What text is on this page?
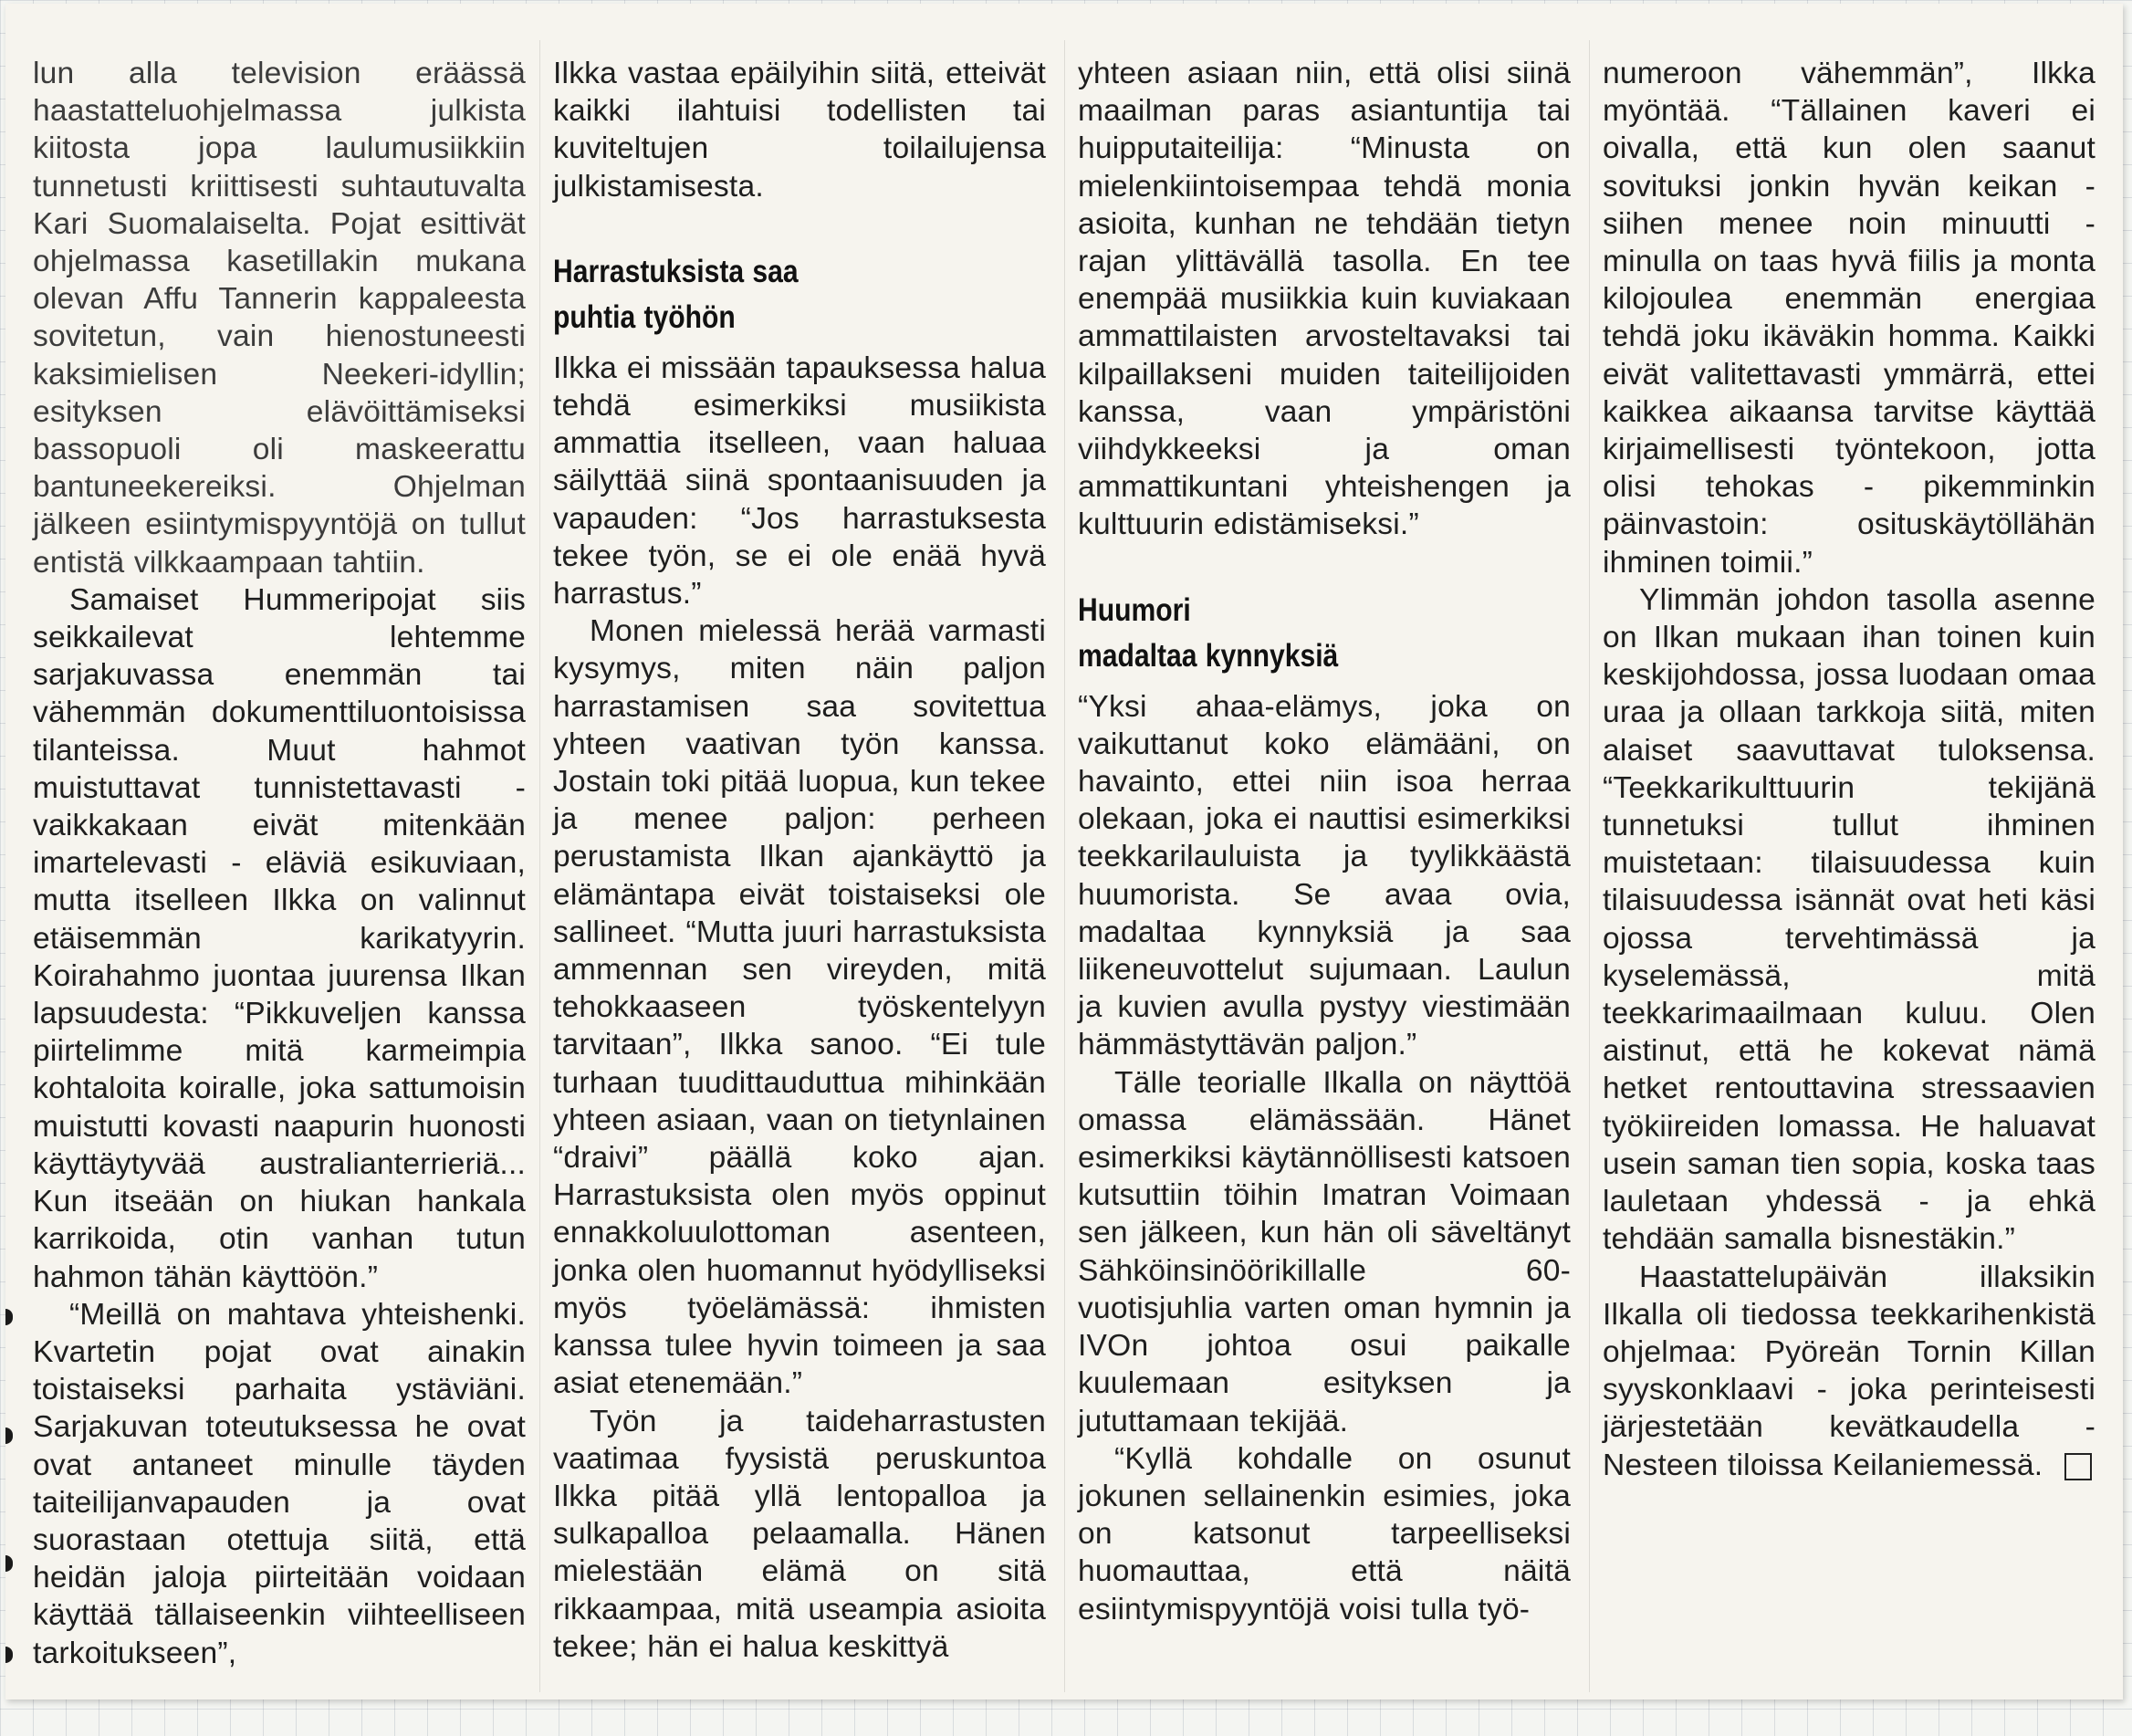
lun alla television eräässä haastatteluohjelmassa julkista kiitosta jopa laulumusiikkiin tunnetusti kriittisesti suhtautuvalta Kari Suomalaiselta. Pojat esittivät ohjelmassa kasetillakin mukana olevan Affu Tannerin kappaleesta sovitetun, vain hienostuneesti kaksimielisen Neekeri-idyllin; esityksen elävöittämiseksi bassopuoli oli maskeerattu bantuneekereiksi. Ohjelman jälkeen esiintymispyyntöjä on tullut entistä vilkkaampaan tahtiin.

Samaiset Hummeripojat siis seikkailevat lehtemme sarjakuvassa enemmän tai vähemmän dokumenttiluontoisissa tilanteissa. Muut hahmot muistuttavat tunnistettavasti - vaikkakaan eivät mitenkään imartelevasti - eläviä esikuviaan, mutta itselleen Ilkka on valinnut etäisemmän karikatyyrin. Koirahahmo juontaa juurensa Ilkan lapsuudesta: “Pikkuveljen kanssa piirtelimme mitä karmeimpia kohtaloita koiralle, joka sattumoisin muistutti kovasti naapurin huonosti käyttäytyvää australianterrieriä... Kun itseään on hiukan hankala karrikoida, otin vanhan tutun hahmon tähän käyttöön.”

“Meillä on mahtava yhteishenki. Kvartetin pojat ovat ainakin toistaiseksi parhaita ystäviäni. Sarjakuvan toteutuksessa he ovat ovat antaneet minulle täyden taiteilijanvapauden ja ovat suorastaan otettuja siitä, että heidän jaloja piirteitään voidaan käyttää tällaiseenkin viihteelliseen tarkoitukseen”,

Ilkka vastaa epäilyihin siitä, etteivät kaikki ilahtuisi todellisten tai kuviteltujen toilailujensa julkistamisesta.

Harrastuksista saa
puhtia työhön

Ilkka ei missään tapauksessa halua tehdä esimerkiksi musiikista ammattia itselleen, vaan haluaa säilyttää siinä spontaanisuuden ja vapauden: “Jos harrastuksesta tekee työn, se ei ole enää hyvä harrastus.”

Monen mielessä herää varmasti kysymys, miten näin paljon harrastamisen saa sovitettua yhteen vaativan työn kanssa. Jostain toki pitää luopua, kun tekee ja menee paljon: perheen perustamista Ilkan ajankäyttö ja elämäntapa eivät toistaiseksi ole sallineet. “Mutta juuri harrastuksista ammennan sen vireyden, mitä tehokkaaseen työskentelyyn tarvitaan”, Ilkka sanoo. “Ei tule turhaan tuudittauduttua mihinkään yhteen asiaan, vaan on tietynlainen “draivi” päällä koko ajan. Harrastuksista olen myös oppinut ennakkoluulottoman asenteen, jonka olen huomannut hyödylliseksi myös työelämässä: ihmisten kanssa tulee hyvin toimeen ja saa asiat etenemään.”

Työn ja taideharrastusten vaatimaa fyysistä peruskuntoa Ilkka pitää yllä lentopalloa ja sulkapalloa pelaamalla. Hänen mielestään elämä on sitä rikkaampaa, mitä useampia asioita tekee; hän ei halua keskittyä

yhteen asiaan niin, että olisi siinä maailman paras asiantuntija tai huipputaiteilija: “Minusta on mielenkiintoisempaa tehdä monia asioita, kunhan ne tehdään tietyn rajan ylittävällä tasolla. En tee enempää musiikkia kuin kuviakaan ammattilaisten arvosteltavaksi tai kilpaillakseni muiden taiteilijoiden kanssa, vaan ympäristöni viihdykkeeksi ja oman ammattikuntani yhteishengen ja kulttuurin edistämiseksi.”

Huumori
madaltaa kynnyksiä

“Yksi ahaa-elämys, joka on vaikuttanut koko elämääni, on havainto, ettei niin isoa herraa olekaan, joka ei nauttisi esimerkiksi teekkarilauluista ja tyylikkäästä huumorista. Se avaa ovia, madaltaa kynnyksiä ja saa liikeneuvottelut sujumaan. Laulun ja kuvien avulla pystyy viestimään hämmästyttävän paljon.”

Tälle teorialle Ilkalla on näyttöä omassa elämässään. Hänet esimerkiksi käytännöllisesti katsoen kutsuttiin töihin Imatran Voimaan sen jälkeen, kun hän oli säveltänyt Sähköinsinöörikillalle 60-vuotisjuhlia varten oman hymnin ja IVOn johtoa osui paikalle kuulemaan esityksen ja jututtamaan tekijää.

“Kyllä kohdalle on osunut jokunen sellainenkin esimies, joka on katsonut tarpeelliseksi huomauttaa, että näitä esiintymispyyntöjä voisi tulla työ-

numeroon vähemmän”, Ilkka myöntää. “Tällainen kaveri ei oivalla, että kun olen saanut sovituksi jonkin hyvän keikan - siihen menee noin minuutti - minulla on taas hyvä fiilis ja monta kilojoulea enemmän energiaa tehdä joku ikäväkin homma. Kaikki eivät valitettavasti ymmärrä, ettei kaikkea aikaansa tarvitse käyttää kirjaimellisesti työntekoon, jotta olisi tehokas - pikemminkin päinvastoin: osituskäytöllähän ihminen toimii.”

Ylimmän johdon tasolla asenne on Ilkan mukaan ihan toinen kuin keskijohdossa, jossa luodaan omaa uraa ja ollaan tarkkoja siitä, miten alaiset saavuttavat tuloksensa. “Teekkarikulttuurin tekijänä tunnetuksi tullut ihminen muistetaan: tilaisuudessa kuin tilaisuudessa isännät ovat heti käsi ojossa tervehtimässä ja kyselemässä, mitä teekkarimaailmaan kuluu. Olen aistinut, että he kokevat nämä hetket rentouttavina stressaavien työkiireiden lomassa. He haluavat usein saman tien sopia, koska taas lauletaan yhdessä - ja ehkä tehdään samalla bisnestäkin.”

Haastattelupäivän illaksikin Ilkalla oli tiedossa teekkarihenkistä ohjelmaa: Pyöreän Tornin Killan syyskonklaavi - joka perinteisesti järjestetään kevätkaudella - Nesteen tiloissa Keilaniemessä.
